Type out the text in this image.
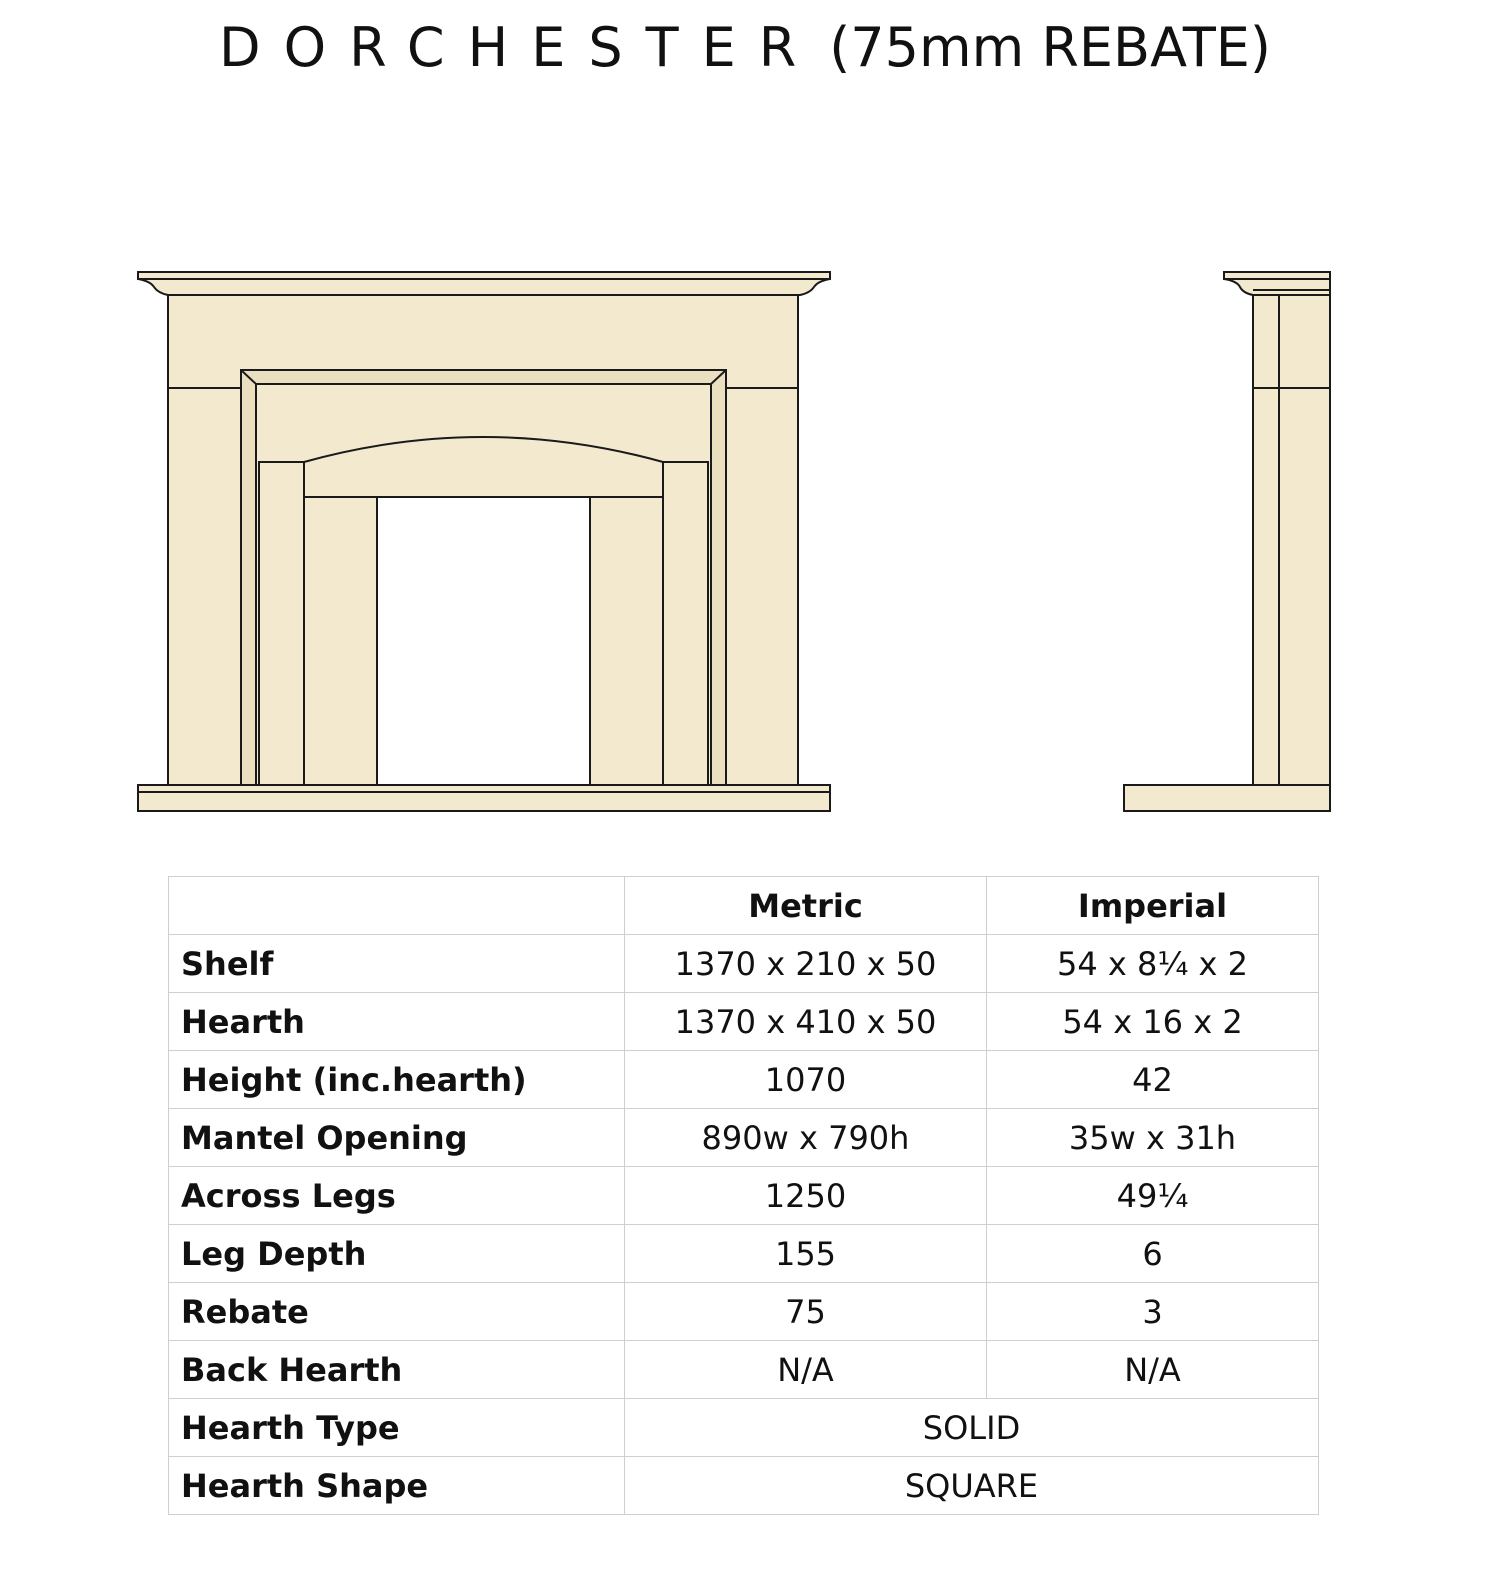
DORCHESTER (75mm REBATE)
	Metric	Imperial
Shelf	1370 x 210 x 50	54 x 8¼ x 2
Hearth	1370 x 410 x 50	54 x 16 x 2
Height (inc.hearth)	1070	42
Mantel Opening	890w x 790h	35w x 31h
Across Legs	1250	49¼
Leg Depth	155	6
Rebate	75	3
Back Hearth	N/A	N/A
Hearth Type	SOLID	
Hearth Shape	SQUARE	
